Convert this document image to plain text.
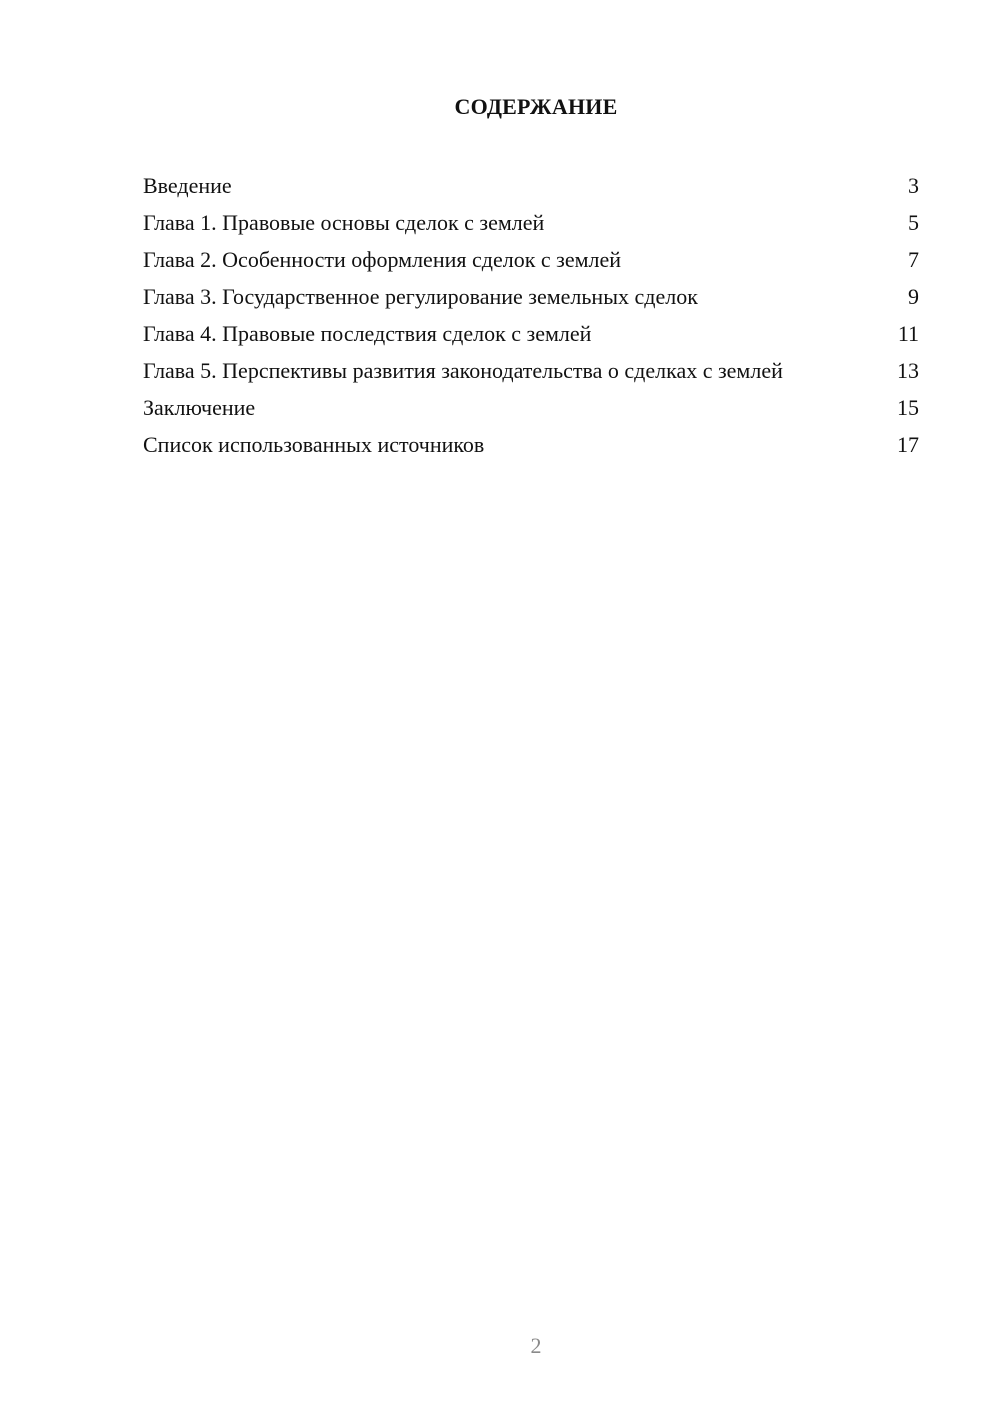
СОДЕРЖАНИЕ
Введение	3
Глава 1. Правовые основы сделок с землей	5
Глава 2. Особенности оформления сделок с землей	7
Глава 3. Государственное регулирование земельных сделок	9
Глава 4. Правовые последствия сделок с землей	11
Глава 5. Перспективы развития законодательства о сделках с землей	13
Заключение	15
Список использованных источников	17
2
